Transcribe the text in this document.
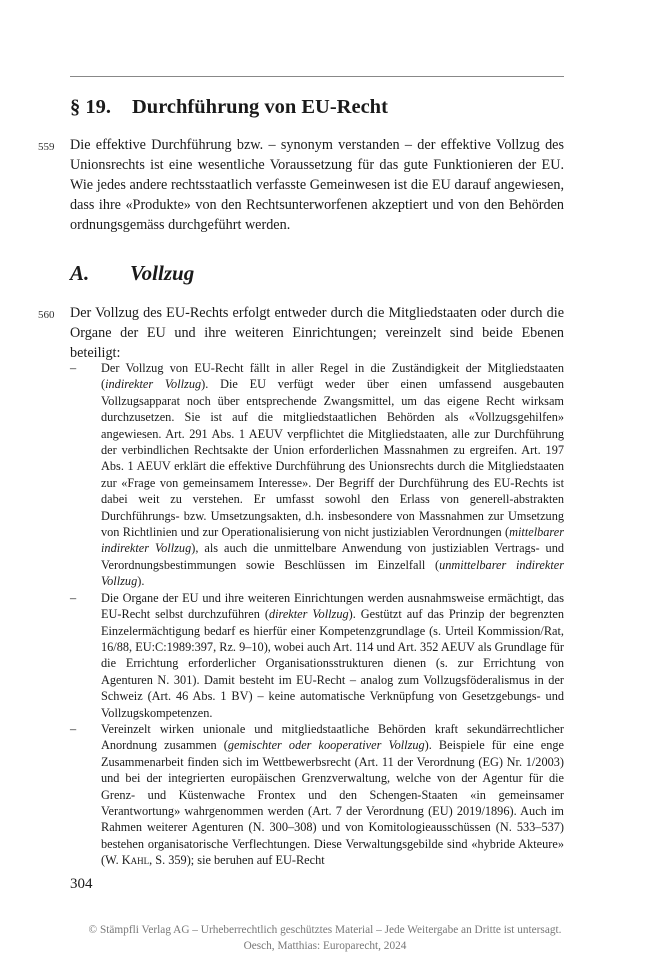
§ 19. Durchführung von EU-Recht
559 Die effektive Durchführung bzw. – synonym verstanden – der effektive Vollzug des Unionsrechts ist eine wesentliche Voraussetzung für das gute Funktionieren der EU. Wie jedes andere rechtsstaatlich verfasste Gemeinwesen ist die EU darauf angewiesen, dass ihre «Produkte» von den Rechtsunterworfenen akzeptiert und von den Behörden ordnungsgemäss durchgeführt werden.

A. Vollzug
560 Der Vollzug des EU-Rechts erfolgt entweder durch die Mitgliedstaaten oder durch die Organe der EU und ihre weiteren Einrichtungen; vereinzelt sind beide Ebenen beteiligt:

– Der Vollzug von EU-Recht fällt in aller Regel in die Zuständigkeit der Mitgliedstaaten (indirekter Vollzug). Die EU verfügt weder über einen umfassend ausgebauten Vollzugsapparat noch über entsprechende Zwangsmittel, um das eigene Recht wirksam durchzusetzen. Sie ist auf die mitgliedstaatlichen Behörden als «Vollzugsgehilfen» angewiesen. Art. 291 Abs. 1 AEUV verpflichtet die Mitgliedstaaten, alle zur Durchführung der verbindlichen Rechtsakte der Union erforderlichen Massnahmen zu ergreifen. Art. 197 Abs. 1 AEUV erklärt die effektive Durchführung des Unionsrechts durch die Mitgliedstaaten zur «Frage von gemeinsamem Interesse». Der Begriff der Durchführung des EU-Rechts ist dabei weit zu verstehen. Er umfasst sowohl den Erlass von generell-abstrakten Durchführungs- bzw. Umsetzungsakten, d.h. insbesondere von Massnahmen zur Umsetzung von Richtlinien und zur Operationalisierung von nicht justiziablen Verordnungen (mittelbarer indirekter Vollzug), als auch die unmittelbare Anwendung von justiziablen Vertrags- und Verordnungsbestimmungen sowie Beschlüssen im Einzelfall (unmittelbarer indirekter Vollzug).
– Die Organe der EU und ihre weiteren Einrichtungen werden ausnahmsweise ermächtigt, das EU-Recht selbst durchzuführen (direkter Vollzug). Gestützt auf das Prinzip der begrenzten Einzelermächtigung bedarf es hierfür einer Kompetenzgrundlage (s. Urteil Kommission/Rat, 16/88, EU:C:1989:397, Rz. 9–10), wobei auch Art. 114 und Art. 352 AEUV als Grundlage für die Errichtung erforderlicher Organisationsstrukturen dienen (s. zur Errichtung von Agenturen N. 301). Damit besteht im EU-Recht – analog zum Vollzugsföderalismus in der Schweiz (Art. 46 Abs. 1 BV) – keine automatische Verknüpfung von Gesetzgebungs- und Vollzugskompetenzen.
– Vereinzelt wirken unionale und mitgliedstaatliche Behörden kraft sekundärrechtlicher Anordnung zusammen (gemischter oder kooperativer Vollzug). Beispiele für eine enge Zusammenarbeit finden sich im Wettbewerbsrecht (Art. 11 der Verordnung (EG) Nr. 1/2003) und bei der integrierten europäischen Grenzverwaltung, welche von der Agentur für die Grenz- und Küstenwache Frontex und den Schengen-Staaten «in gemeinsamer Verantwortung» wahrgenommen werden (Art. 7 der Verordnung (EU) 2019/1896). Auch im Rahmen weiterer Agenturen (N. 300–308) und von Komitologieausschüssen (N. 533–537) bestehen organisatorische Verflechtungen. Diese Verwaltungsgebilde sind «hybride Akteure» (W. Kahl, S. 359); sie beruhen auf EU-Recht
304
© Stämpfli Verlag AG – Urheberrechtlich geschütztes Material – Jede Weitergabe an Dritte ist untersagt.
Oesch, Matthias: Europarecht, 2024
